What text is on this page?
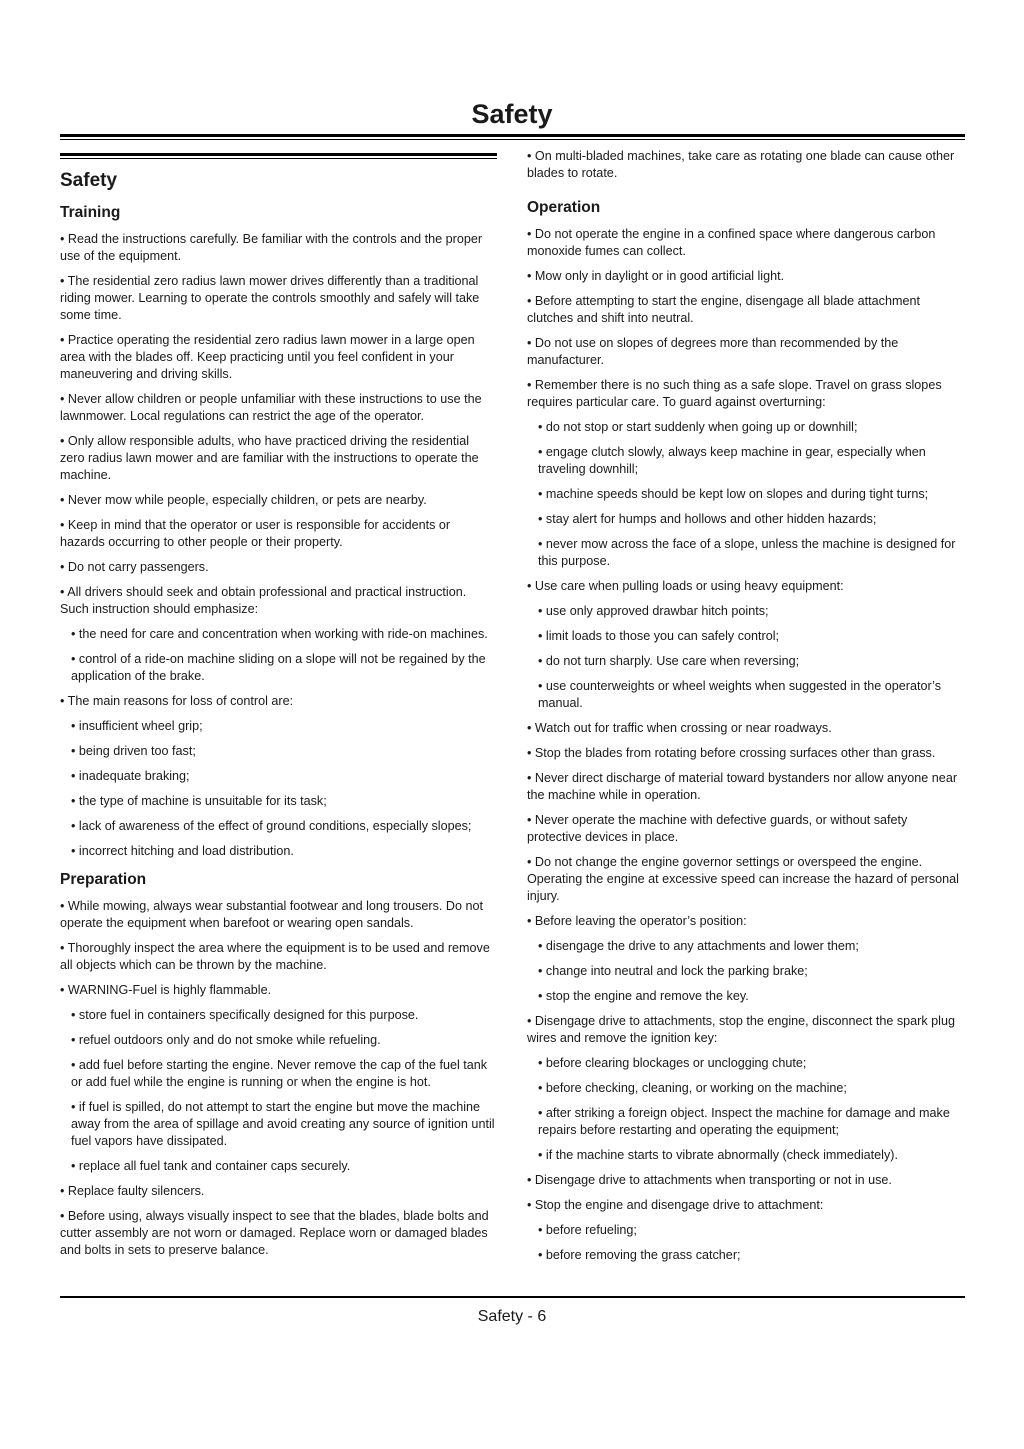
Safety
Safety
Training

• Read the instructions carefully. Be familiar with the controls and the proper use of the equipment.

• The residential zero radius lawn mower drives differently than a traditional riding mower. Learning to operate the controls smoothly and safely will take some time.

• Practice operating the residential zero radius lawn mower in a large open area with the blades off. Keep practicing until you feel confident in your maneuvering and driving skills.

• Never allow children or people unfamiliar with these instructions to use the lawnmower. Local regulations can restrict the age of the operator.

• Only allow responsible adults, who have practiced driving the residential zero radius lawn mower and are familiar with the instructions to operate the machine.

• Never mow while people, especially children, or pets are nearby.

• Keep in mind that the operator or user is responsible for accidents or hazards occurring to other people or their property.

• Do not carry passengers.

• All drivers should seek and obtain professional and practical instruction. Such instruction should emphasize:

• the need for care and concentration when working with ride-on machines.

• control of a ride-on machine sliding on a slope will not be regained by the application of the brake.

• The main reasons for loss of control are:

• insufficient wheel grip;

• being driven too fast;

• inadequate braking;

• the type of machine is unsuitable for its task;

• lack of awareness of the effect of ground conditions, especially slopes;

• incorrect hitching and load distribution.

Preparation

• While mowing, always wear substantial footwear and long trousers. Do not operate the equipment when barefoot or wearing open sandals.

• Thoroughly inspect the area where the equipment is to be used and remove all objects which can be thrown by the machine.

• WARNING-Fuel is highly flammable.

• store fuel in containers specifically designed for this purpose.

• refuel outdoors only and do not smoke while refueling.

• add fuel before starting the engine. Never remove the cap of the fuel tank or add fuel while the engine is running or when the engine is hot.

• if fuel is spilled, do not attempt to start the engine but move the machine away from the area of spillage and avoid creating any source of ignition until fuel vapors have dissipated.

• replace all fuel tank and container caps securely.

• Replace faulty silencers.

• Before using, always visually inspect to see that the blades, blade bolts and cutter assembly are not worn or damaged. Replace worn or damaged blades and bolts in sets to preserve balance.

• On multi-bladed machines, take care as rotating one blade can cause other blades to rotate.

Operation

• Do not operate the engine in a confined space where dangerous carbon monoxide fumes can collect.

• Mow only in daylight or in good artificial light.

• Before attempting to start the engine, disengage all blade attachment clutches and shift into neutral.

• Do not use on slopes of degrees more than recommended by the manufacturer.

• Remember there is no such thing as a safe slope. Travel on grass slopes requires particular care. To guard against overturning:

• do not stop or start suddenly when going up or downhill;

• engage clutch slowly, always keep machine in gear, especially when traveling downhill;

• machine speeds should be kept low on slopes and during tight turns;

• stay alert for humps and hollows and other hidden hazards;

• never mow across the face of a slope, unless the machine is designed for this purpose.

• Use care when pulling loads or using heavy equipment:

• use only approved drawbar hitch points;

• limit loads to those you can safely control;

• do not turn sharply. Use care when reversing;

• use counterweights or wheel weights when suggested in the operator’s manual.

• Watch out for traffic when crossing or near roadways.

• Stop the blades from rotating before crossing surfaces other than grass.

• Never direct discharge of material toward bystanders nor allow anyone near the machine while in operation.

• Never operate the machine with defective guards, or without safety protective devices in place.

• Do not change the engine governor settings or overspeed the engine. Operating the engine at excessive speed can increase the hazard of personal injury.

• Before leaving the operator’s position:

• disengage the drive to any attachments and lower them;

• change into neutral and lock the parking brake;

• stop the engine and remove the key.

• Disengage drive to attachments, stop the engine, disconnect the spark plug wires and remove the ignition key:

• before clearing blockages or unclogging chute;

• before checking, cleaning, or working on the machine;

• after striking a foreign object. Inspect the machine for damage and make repairs before restarting and operating the equipment;

• if the machine starts to vibrate abnormally (check immediately).

• Disengage drive to attachments when transporting or not in use.

• Stop the engine and disengage drive to attachment:

• before refueling;

• before removing the grass catcher;

Safety - 6
